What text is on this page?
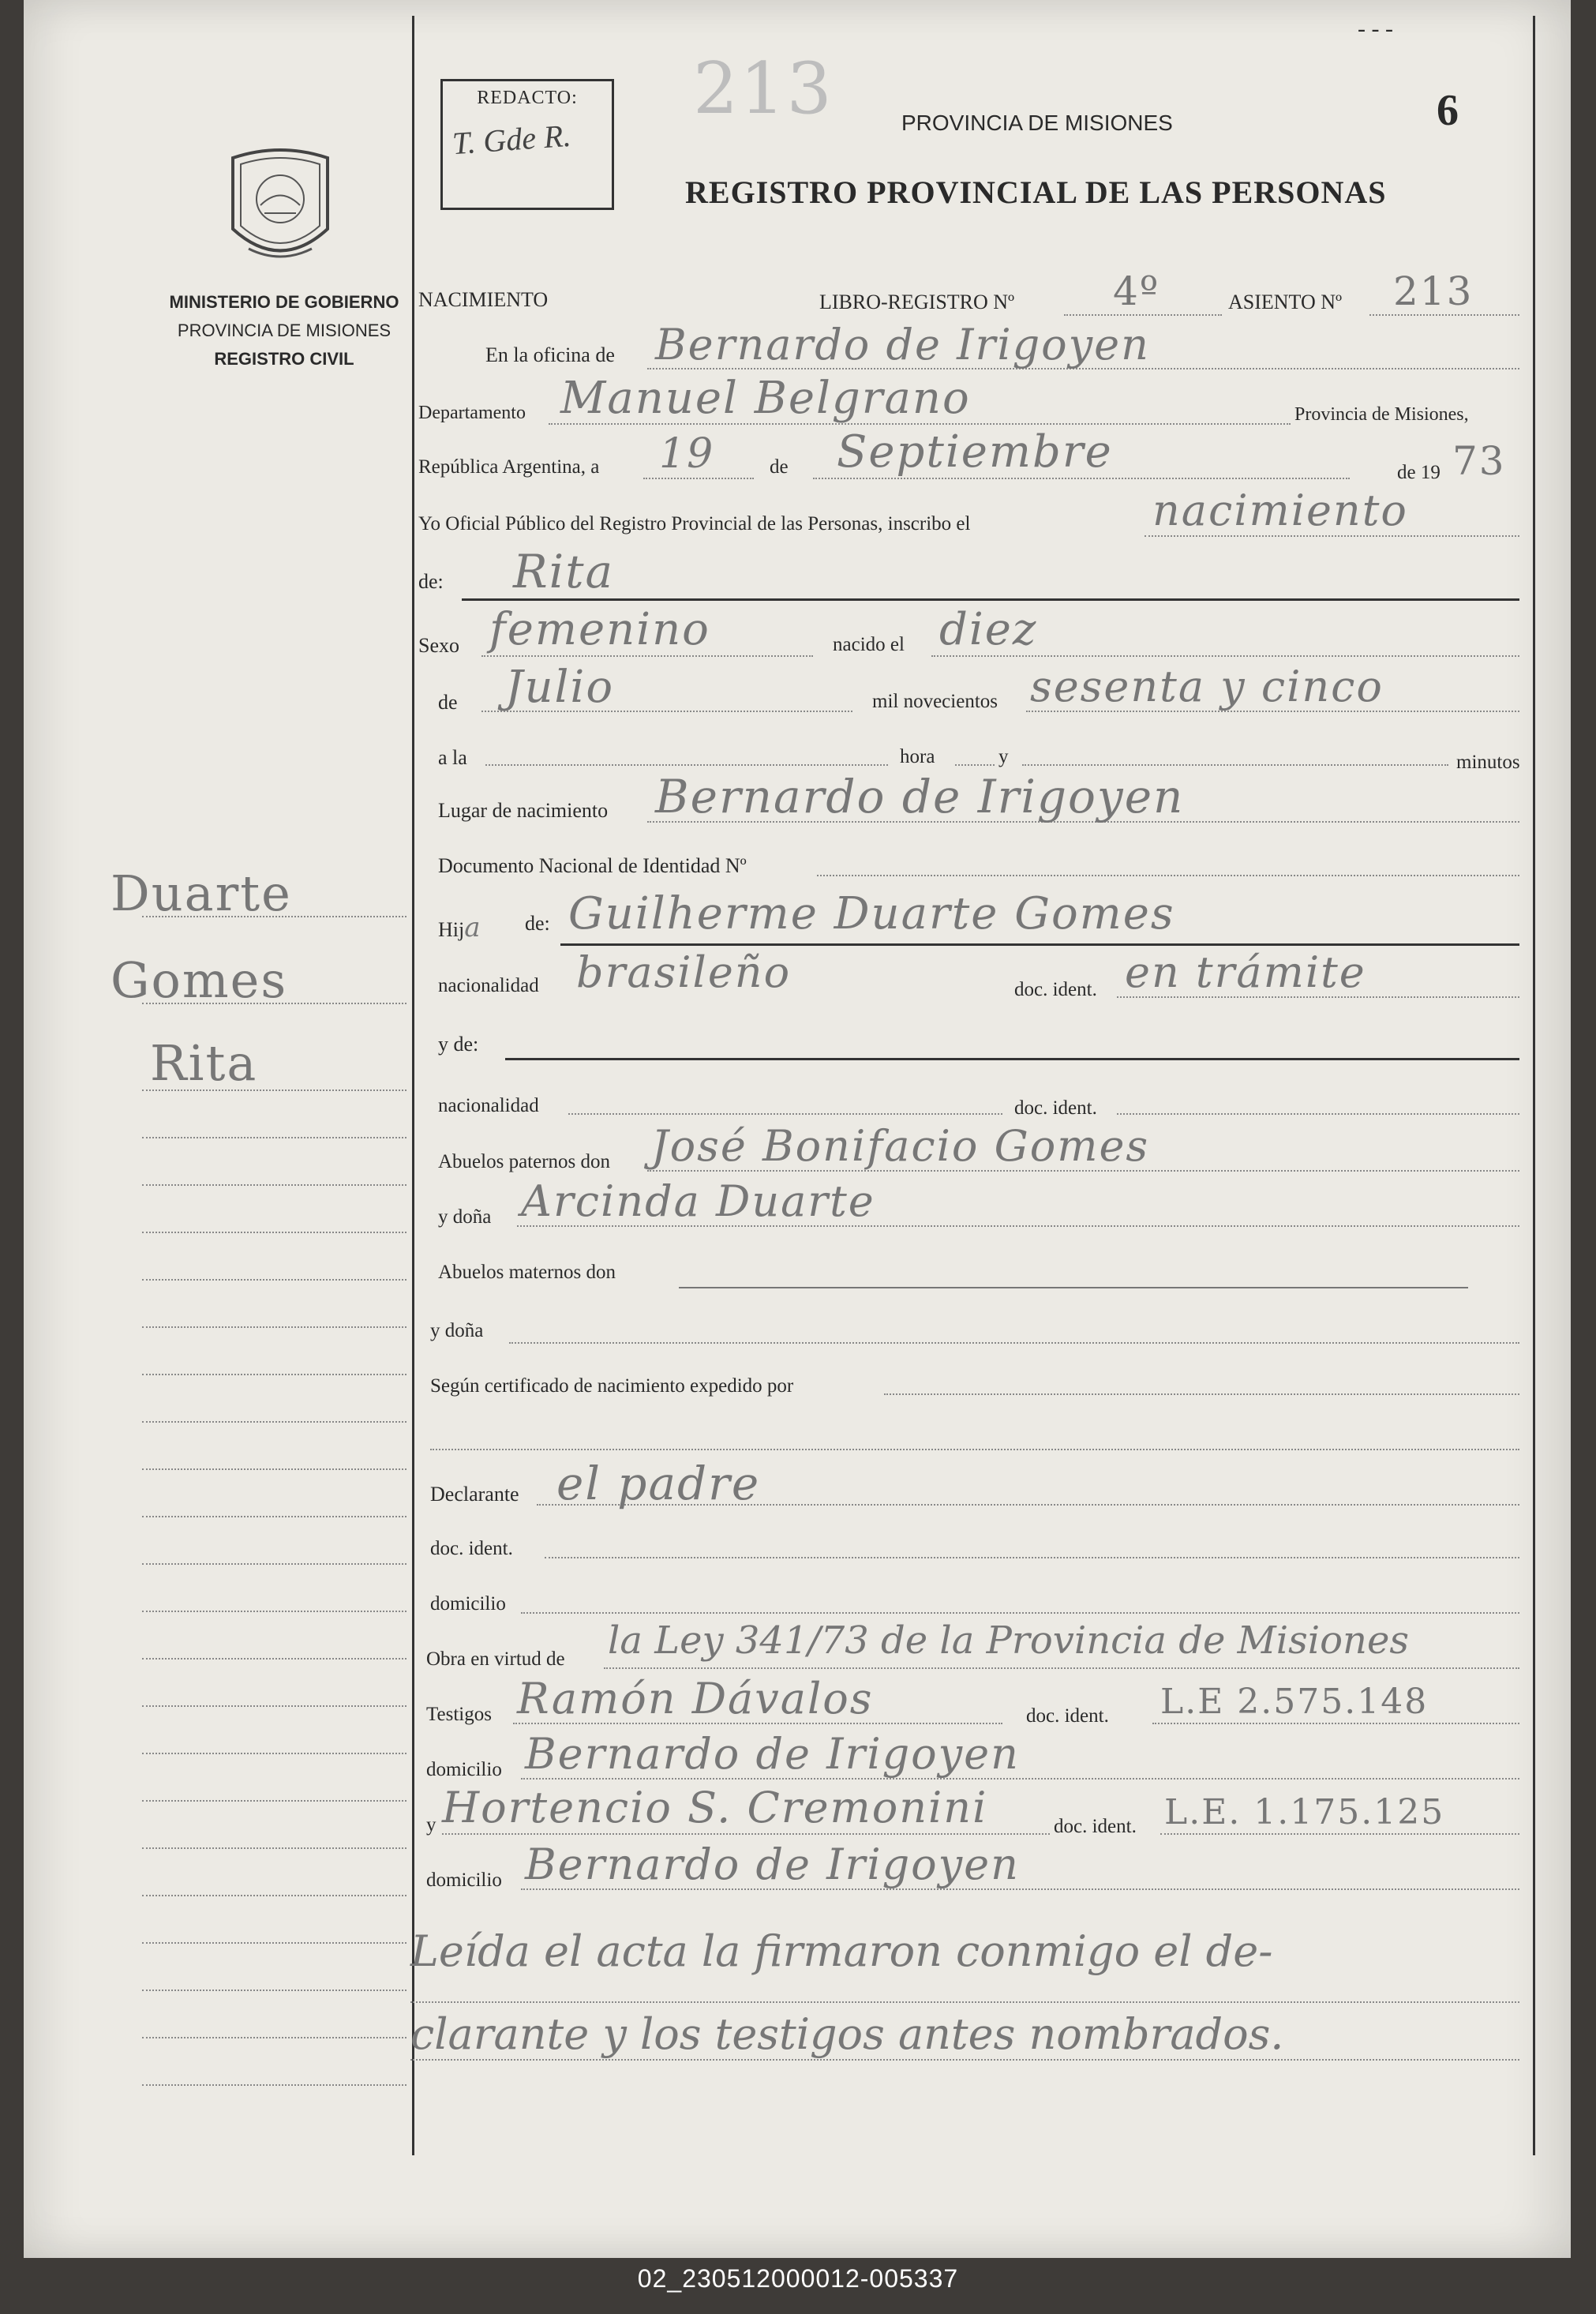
MINISTERIO DE GOBIERNO
PROVINCIA DE MISIONES
REGISTRO CIVIL
REDACTO:
T. Gde R.
213	PROVINCIA DE MISIONES
REGISTRO PROVINCIAL DE LAS PERSONAS
6
- - -
Duarte
Gomes
Rita
NACIMIENTO	LIBRO-REGISTRO Nº 4º	ASIENTO Nº 213
En la oficina de Bernardo de Irigoyen
Departamento Manuel Belgrano	Provincia de Misiones,
República Argentina, a 19	de Septiembre	de 19 73
Yo Oficial Público del Registro Provincial de las Personas, inscribo el	nacimiento
de: Rita
Sexo femenino	nacido el diez
de Julio	mil novecientos sesenta y cinco
a la	hora	y	minutos
Lugar de nacimiento Bernardo de Irigoyen
Documento Nacional de Identidad Nº
Hija de: Guilherme Duarte Gomes
nacionalidad brasileño	doc. ident. en trámite
y de:
nacionalidad	doc. ident.
Abuelos paternos don José Bonifacio Gomes
y doña Arcinda Duarte
Abuelos maternos don
y doña
Según certificado de nacimiento expedido por
Declarante el padre
doc. ident.
domicilio
Obra en virtud de la Ley 341/73 de la Provincia de Misiones
Testigos Ramón Dávalos	doc. ident. L.E 2.575.148
domicilio Bernardo de Irigoyen
y Hortencio S. Cremonini	doc. ident. L.E. 1.175.125
domicilio Bernardo de Irigoyen
Leída el acta la firmaron conmigo el de-
clarante y los testigos antes nombrados.
02_230512000012-005337
